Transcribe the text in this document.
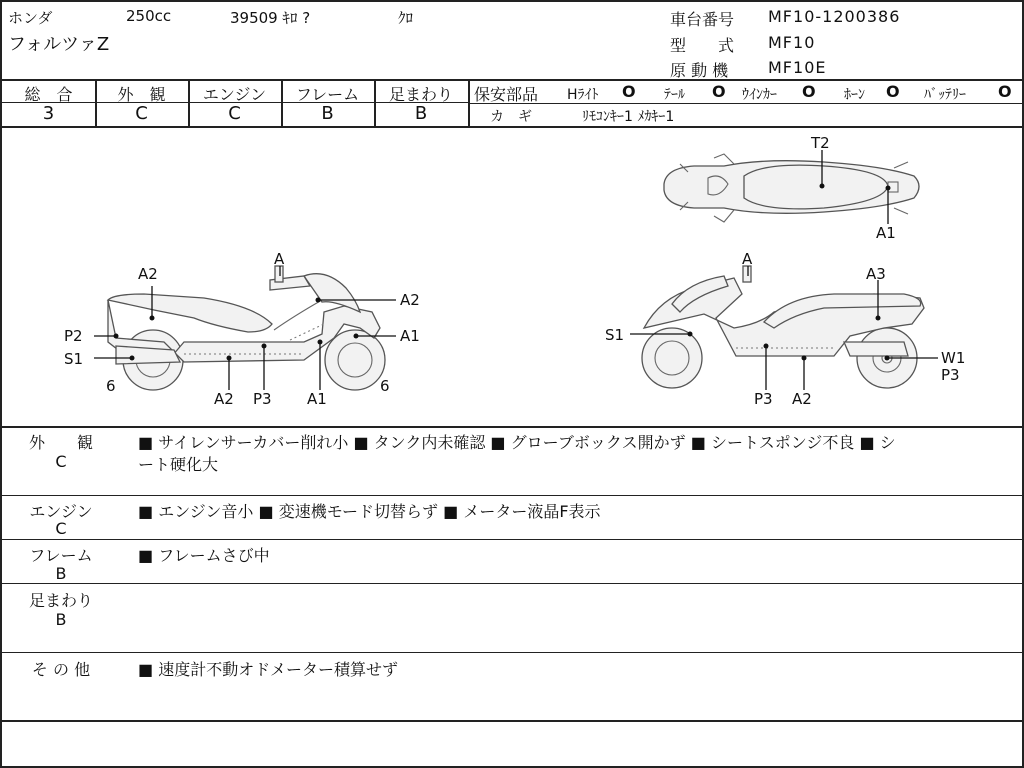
ホンダ	250cc	39509 ｷﾛ ?	ｸﾛ
フォルツァZ
車台番号 MF10-1200386
型　　式 MF10
原 動 機 MF10E
総　合
3
外　観
C
エンジン
C
フレーム
B
足まわり
B
保安部品 Hﾗｲﾄ O ﾃｰﾙ O ｳｲﾝｶｰ O ﾎｰﾝ O ﾊﾞｯﾃﾘｰ O
カ　ギ	ﾘﾓｺﾝｷｰ1 ﾒｶｷｰ1
A2
A
A2
P2	A1
S1
6	6
A2 P3 A1
T2
A1
A
A3
S1
W1
P3
P3 A2
外　　観
C
■ サイレンサーカバー削れ小 ■ タンク内未確認 ■ グローブボックス開かず ■ シートスポンジ不良 ■ シ
ート硬化大
エンジン
C
■ エンジン音小 ■ 変速機モード切替らず ■ メーター液晶F表示
フレーム
B
■ フレームさび中
足まわり
B
そ の 他	■ 速度計不動オドメーター積算せず
